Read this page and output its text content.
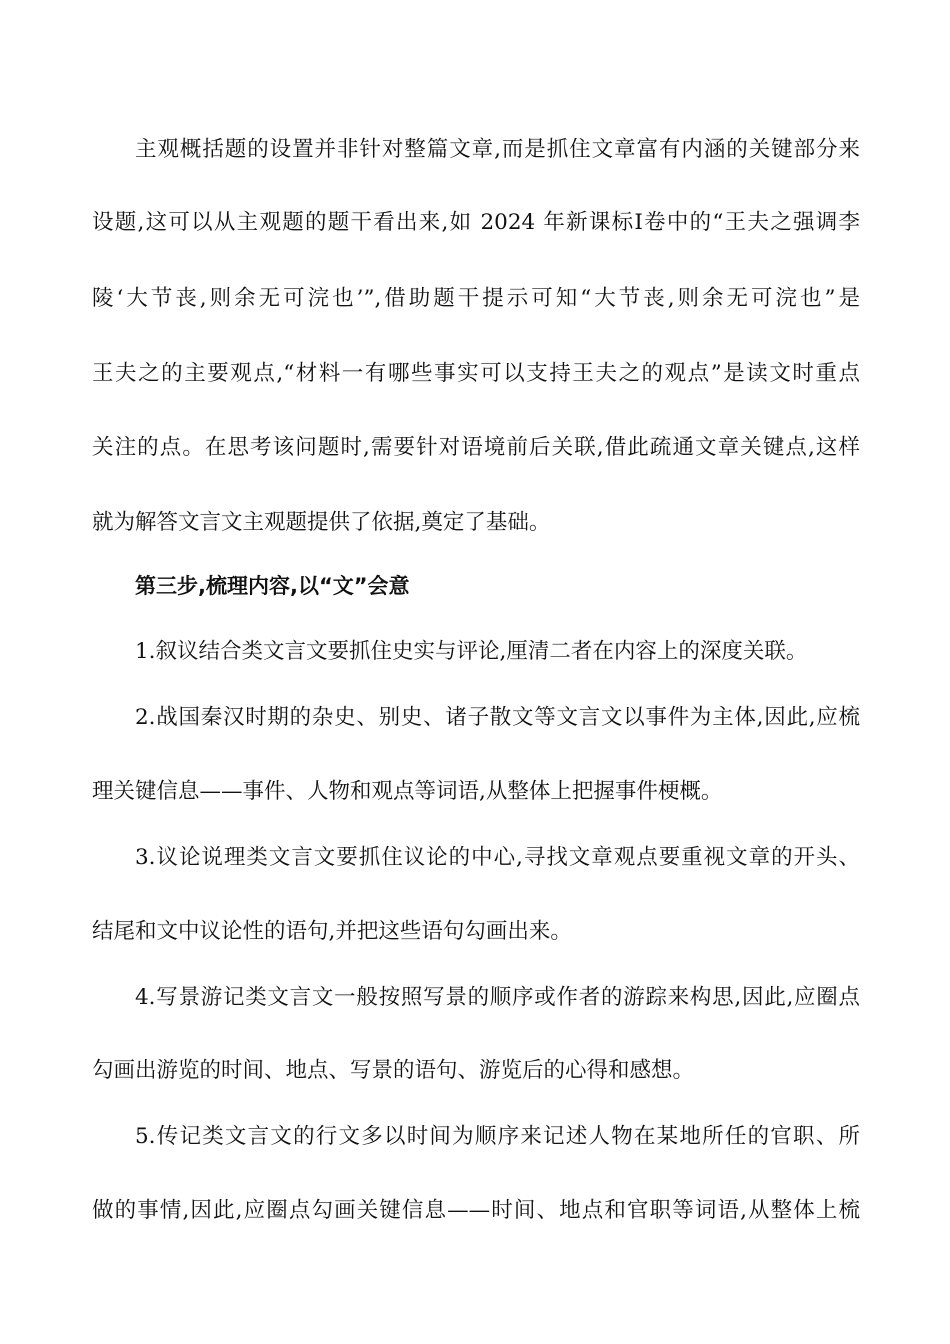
主观概括题的设置并非针对整篇文章,而是抓住文章富有内涵的关键部分来
设题,这可以从主观题的题干看出来,如 2024 年新课标Ⅰ卷中的“王夫之强调李
陵‘大节丧,则余无可浣也’”,借助题干提示可知“大节丧,则余无可浣也”是
王夫之的主要观点,“材料一有哪些事实可以支持王夫之的观点”是读文时重点
关注的点。在思考该问题时,需要针对语境前后关联,借此疏通文章关键点,这样
就为解答文言文主观题提供了依据,奠定了基础。
第三步,梳理内容,以“文”会意
1.叙议结合类文言文要抓住史实与评论,厘清二者在内容上的深度关联。
2.战国秦汉时期的杂史、别史、诸子散文等文言文以事件为主体,因此,应梳
理关键信息——事件、人物和观点等词语,从整体上把握事件梗概。
3.议论说理类文言文要抓住议论的中心,寻找文章观点要重视文章的开头、
结尾和文中议论性的语句,并把这些语句勾画出来。
4.写景游记类文言文一般按照写景的顺序或作者的游踪来构思,因此,应圈点
勾画出游览的时间、地点、写景的语句、游览后的心得和感想。
5.传记类文言文的行文多以时间为顺序来记述人物在某地所任的官职、所
做的事情,因此,应圈点勾画关键信息——时间、地点和官职等词语,从整体上梳
